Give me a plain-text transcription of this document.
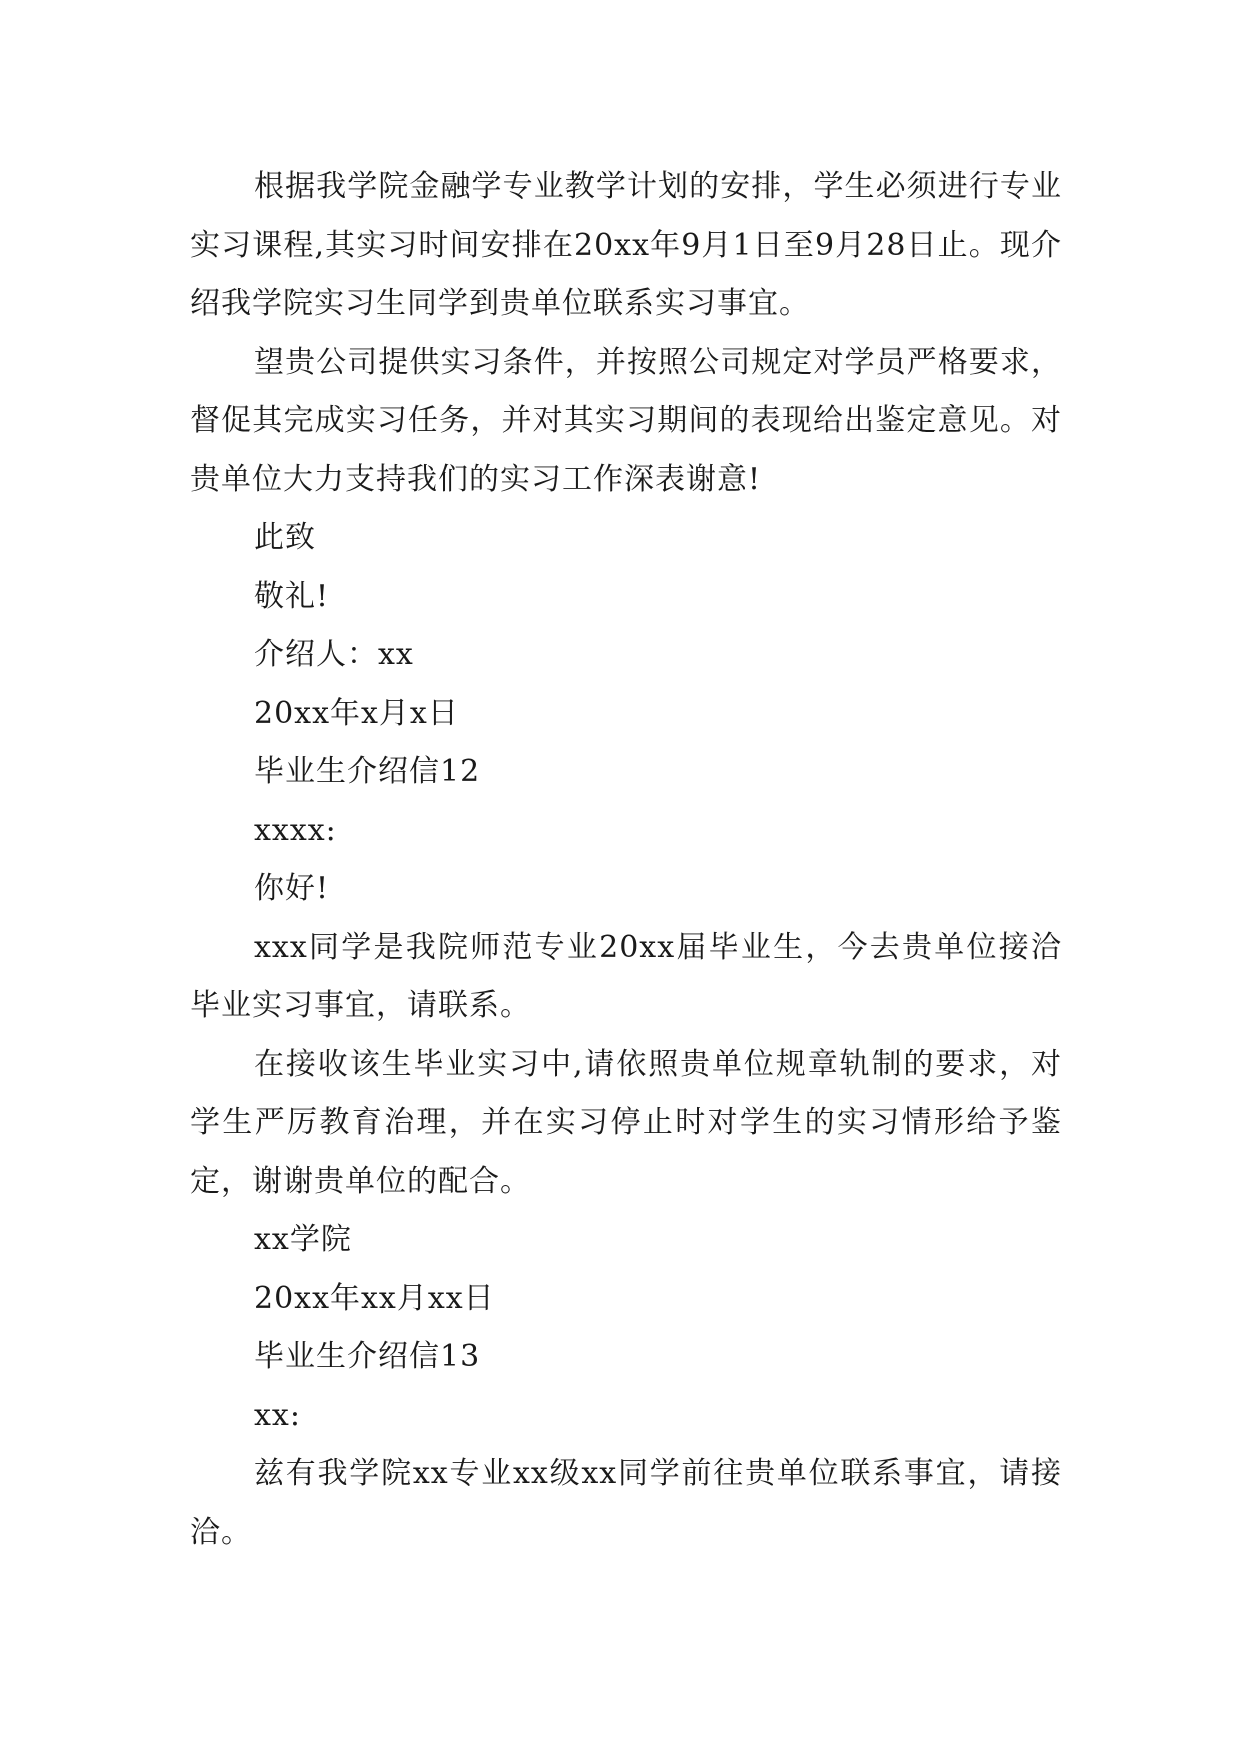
根据我学院金融学专业教学计划的安排，学生必须进行专业实习课程,其实习时间安排在20xx年9月1日至9月28日止。现介绍我学院实习生同学到贵单位联系实习事宜。

望贵公司提供实习条件，并按照公司规定对学员严格要求，督促其完成实习任务，并对其实习期间的表现给出鉴定意见。对贵单位大力支持我们的实习工作深表谢意!

此致

敬礼!

介绍人：xx

20xx年x月x日

毕业生介绍信12

xxxx:

你好!

xxx同学是我院师范专业20xx届毕业生，今去贵单位接洽毕业实习事宜，请联系。

在接收该生毕业实习中,请依照贵单位规章轨制的要求，对学生严厉教育治理，并在实习停止时对学生的实习情形给予鉴定，谢谢贵单位的配合。

xx学院

20xx年xx月xx日

毕业生介绍信13

xx:

兹有我学院xx专业xx级xx同学前往贵单位联系事宜，请接洽。
